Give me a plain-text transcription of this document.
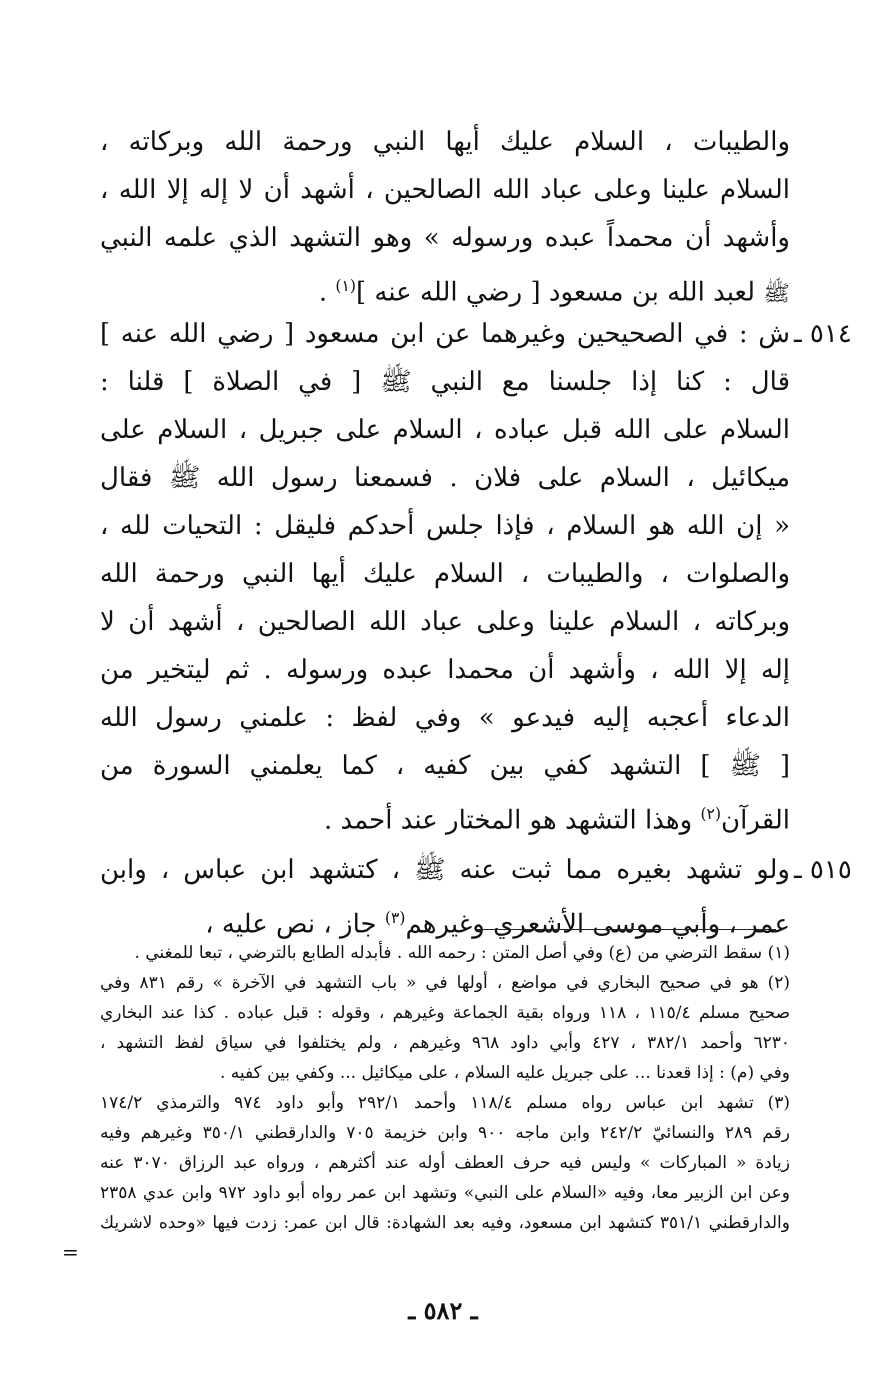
والطيبات ، السلام عليك أيها النبي ورحمة الله وبركاته ،
السلام علينا وعلى عباد الله الصالحين ، أشهد أن لا إله إلا الله ،
وأشهد أن محمداً عبده ورسوله » وهو التشهد الذي علمه النبي
ﷺ لعبد الله بن مسعود [ رضي الله عنه ]$^{(١)}$ .
٥١٤ ـ
ش : في الصحيحين وغيرهما عن ابن مسعود [ رضي الله عنه ]
قال : كنا إذا جلسنا مع النبي ﷺ [ في الصلاة ] قلنا :
السلام على الله قبل عباده ، السلام على جبريل ، السلام على
ميكائيل ، السلام على فلان . فسمعنا رسول الله ﷺ فقال
« إن الله هو السلام ، فإذا جلس أحدكم فليقل : التحيات لله ،
والصلوات ، والطيبات ، السلام عليك أيها النبي ورحمة الله
وبركاته ، السلام علينا وعلى عباد الله الصالحين ، أشهد أن لا
إله إلا الله ، وأشهد أن محمدا عبده ورسوله . ثم ليتخير من
الدعاء أعجبه إليه فيدعو » وفي لفظ : علمني رسول الله
[ ﷺ ] التشهد كفي بين كفيه ، كما يعلمني السورة من
القرآن$^{(٢)}$ وهذا التشهد هو المختار عند أحمد .
٥١٥ ـ
ولو تشهد بغيره مما ثبت عنه ﷺ ، كتشهد ابن عباس ، وابن
عمر ، وأبي موسى الأشعري وغيرهم$^{(٣)}$ جاز ، نص عليه ،
(١) سقط الترضي من (ع) وفي أصل المتن : رحمه الله . فأبدله الطابع بالترضي ، تبعا للمغني .
(٢) هو في صحيح البخاري في مواضع ، أولها في « باب التشهد في الآخرة » رقم ٨٣١ وفي
صحيح مسلم ١١٥/٤ ، ١١٨ ورواه بقية الجماعة وغيرهم ، وقوله : قبل عباده . كذا عند البخاري
٦٢٣٠ وأحمد ٣٨٢/١ ، ٤٢٧ وأبي داود ٩٦٨ وغيرهم ، ولم يختلفوا في سياق لفظ التشهد ،
وفي (م) : إذا قعدنا ... على جبريل عليه السلام ، على ميكائيل ... وكفي بين كفيه .
(٣) تشهد ابن عباس رواه مسلم ١١٨/٤ وأحمد ٢٩٢/١ وأبو داود ٩٧٤ والترمذي ١٧٤/٢
رقم ٢٨٩ والنسائيّ ٢٤٢/٢ وابن ماجه ٩٠٠ وابن خزيمة ٧٠٥ والدارقطني ٣٥٠/١ وغيرهم وفيه
زيادة « المباركات » وليس فيه حرف العطف أوله عند أكثرهم ، ورواه عبد الرزاق ٣٠٧٠ عنه
وعن ابن الزبير معا، وفيه «السلام على النبي» وتشهد ابن عمر رواه أبو داود ٩٧٢ وابن عدي ٢٣٥٨
والدارقطني ٣٥١/١ كتشهد ابن مسعود، وفيه بعد الشهادة: قال ابن عمر: زدت فيها «وحده لاشريك
=
ـ ٥٨٢ ـ
